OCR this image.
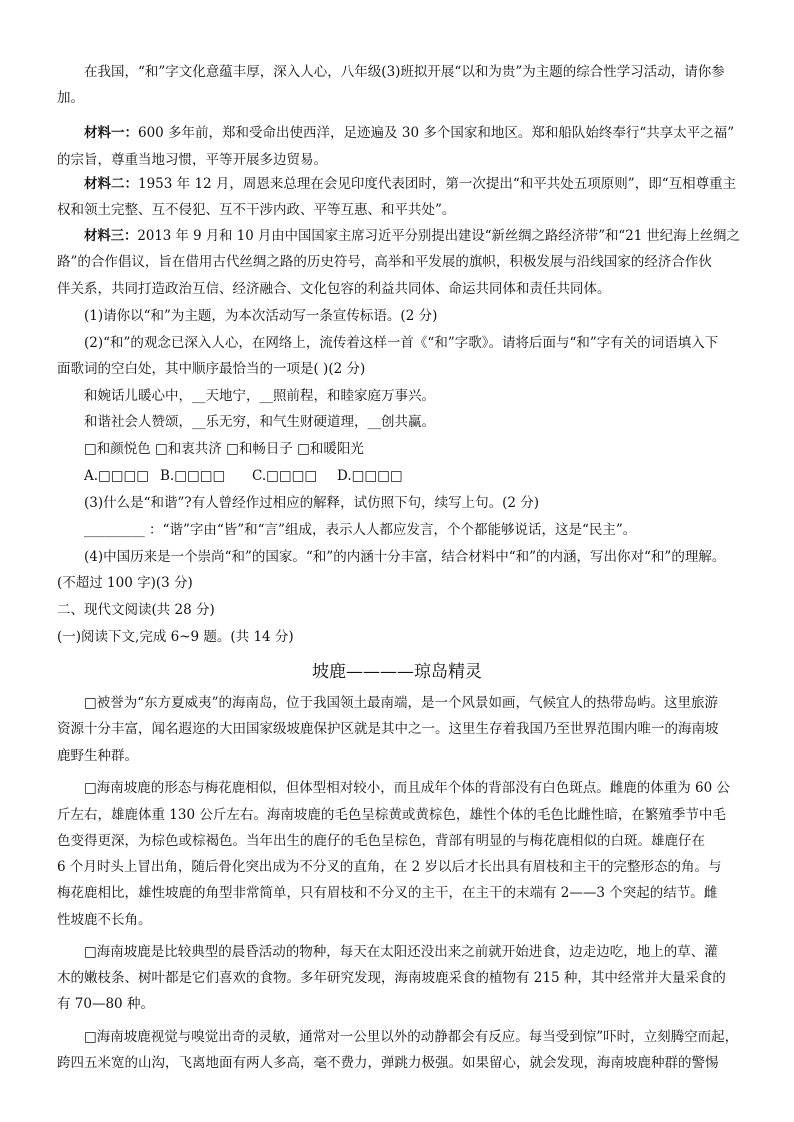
在我国，“和”字文化意蕴丰厚，深入人心，八年级(3)班拟开展“以和为贵”为主题的综合性学习活动，请你参
加。
材料一：600 多年前，郑和受命出使西洋，足迹遍及 30 多个国家和地区。郑和船队始终奉行“共享太平之福”
的宗旨，尊重当地习惯，平等开展多边贸易。
材料二：1953 年 12 月，周恩来总理在会见印度代表团时，第一次提出“和平共处五项原则”，即“互相尊重主
权和领土完整、互不侵犯、互不干涉内政、平等互惠、和平共处”。
材料三：2013 年 9 月和 10 月由中国国家主席习近平分别提出建设“新丝绸之路经济带”和“21 世纪海上丝绸之
路”的合作倡议，旨在借用古代丝绸之路的历史符号，高举和平发展的旗帜，积极发展与沿线国家的经济合作伙
伴关系，共同打造政治互信、经济融合、文化包容的利益共同体、命运共同体和责任共同体。
(1)请你以“和”为主题，为本次活动写一条宣传标语。(2 分)
(2)“和”的观念已深入人心，在网络上，流传着这样一首《“和”字歌》。请将后面与“和”字有关的词语填入下
面歌词的空白处，其中顺序最恰当的一项是( )(2 分)
和婉话儿暖心中，__天地宁，__照前程，和睦家庭万事兴。
和谐社会人赞颂，__乐无穷，和气生财硬道理，__创共赢。
□和颜悦色 □和衷共济 □和畅日子 □和暖阳光
A.□□□□ B.□□□□ C.□□□□ D.□□□□
(3)什么是“和谐”?有人曾经作过相应的解释，试仿照下句，续写上句。(2 分)
_________ ：“谐”字由“皆”和“言”组成，表示人人都应发言，个个都能够说话，这是“民主”。
(4)中国历来是一个崇尚“和”的国家。“和”的内涵十分丰富，结合材料中“和”的内涵，写出你对“和”的理解。
(不超过 100 字)(3 分)
二、现代文阅读(共 28 分)
(一)阅读下文,完成 6~9 题。(共 14 分)
坡鹿————琼岛精灵
□被誉为“东方夏威夷”的海南岛，位于我国领土最南端，是一个风景如画，气候宜人的热带岛屿。这里旅游
资源十分丰富，闻名遐迩的大田国家级坡鹿保护区就是其中之一。这里生存着我国乃至世界范围内唯一的海南坡
鹿野生种群。
□海南坡鹿的形态与梅花鹿相似，但体型相对较小，而且成年个体的背部没有白色斑点。雌鹿的体重为 60 公
斤左右，雄鹿体重 130 公斤左右。海南坡鹿的毛色呈棕黄或黄棕色，雄性个体的毛色比雌性暗，在繁殖季节中毛
色变得更深，为棕色或棕褐色。当年出生的鹿仔的毛色呈棕色，背部有明显的与梅花鹿相似的白斑。雄鹿仔在
6 个月时头上冒出角，随后骨化突出成为不分叉的直角，在 2 岁以后才长出具有眉枝和主干的完整形态的角。与
梅花鹿相比，雄性坡鹿的角型非常简单，只有眉枝和不分叉的主干，在主干的末端有 2——3 个突起的结节。雌
性坡鹿不长角。
□海南坡鹿是比较典型的晨昏活动的物种，每天在太阳还没出来之前就开始进食，边走边吃，地上的草、灌
木的嫩枝条、树叶都是它们喜欢的食物。多年研究发现，海南坡鹿采食的植物有 215 种，其中经常并大量采食的
有 70—80 种。
□海南坡鹿视觉与嗅觉出奇的灵敏，通常对一公里以外的动静都会有反应。每当受到惊”吓时，立刻腾空而起，
跨四五米宽的山沟，飞离地面有两人多高，毫不费力，弹跳力极强。如果留心，就会发现，海南坡鹿种群的警惕
